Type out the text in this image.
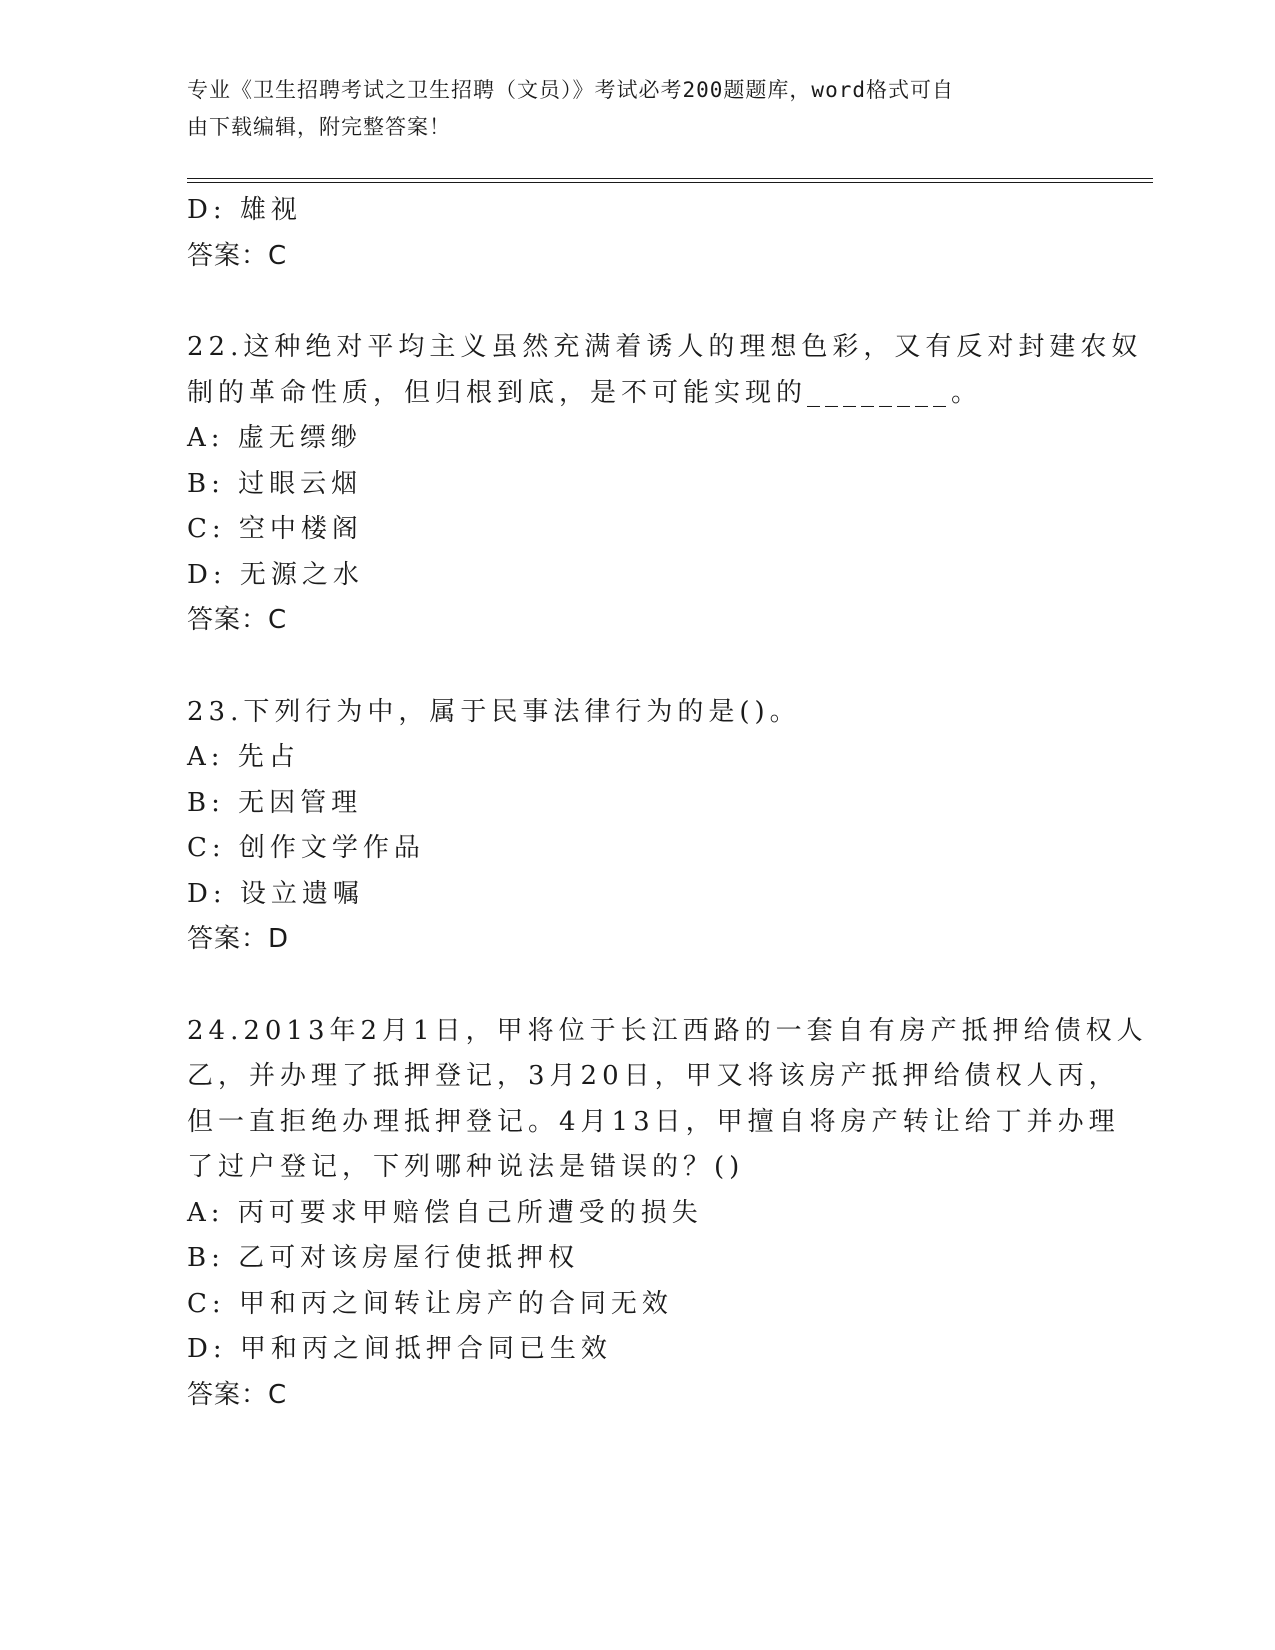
专业《卫生招聘考试之卫生招聘（文员）》考试必考200题题库，word格式可自
由下载编辑，附完整答案！
D: 雄视
答案：C
22.这种绝对平均主义虽然充满着诱人的理想色彩，又有反对封建农奴
制的革命性质，但归根到底，是不可能实现的________。
A: 虚无缥缈
B: 过眼云烟
C: 空中楼阁
D: 无源之水
答案：C
23.下列行为中，属于民事法律行为的是()。
A: 先占
B: 无因管理
C: 创作文学作品
D: 设立遗嘱
答案：D
24.2013年2月1日，甲将位于长江西路的一套自有房产抵押给债权人
乙，并办理了抵押登记，3月20日，甲又将该房产抵押给债权人丙，
但一直拒绝办理抵押登记。4月13日，甲擅自将房产转让给丁并办理
了过户登记，下列哪种说法是错误的？()
A: 丙可要求甲赔偿自己所遭受的损失
B: 乙可对该房屋行使抵押权
C: 甲和丙之间转让房产的合同无效
D: 甲和丙之间抵押合同已生效
答案：C
